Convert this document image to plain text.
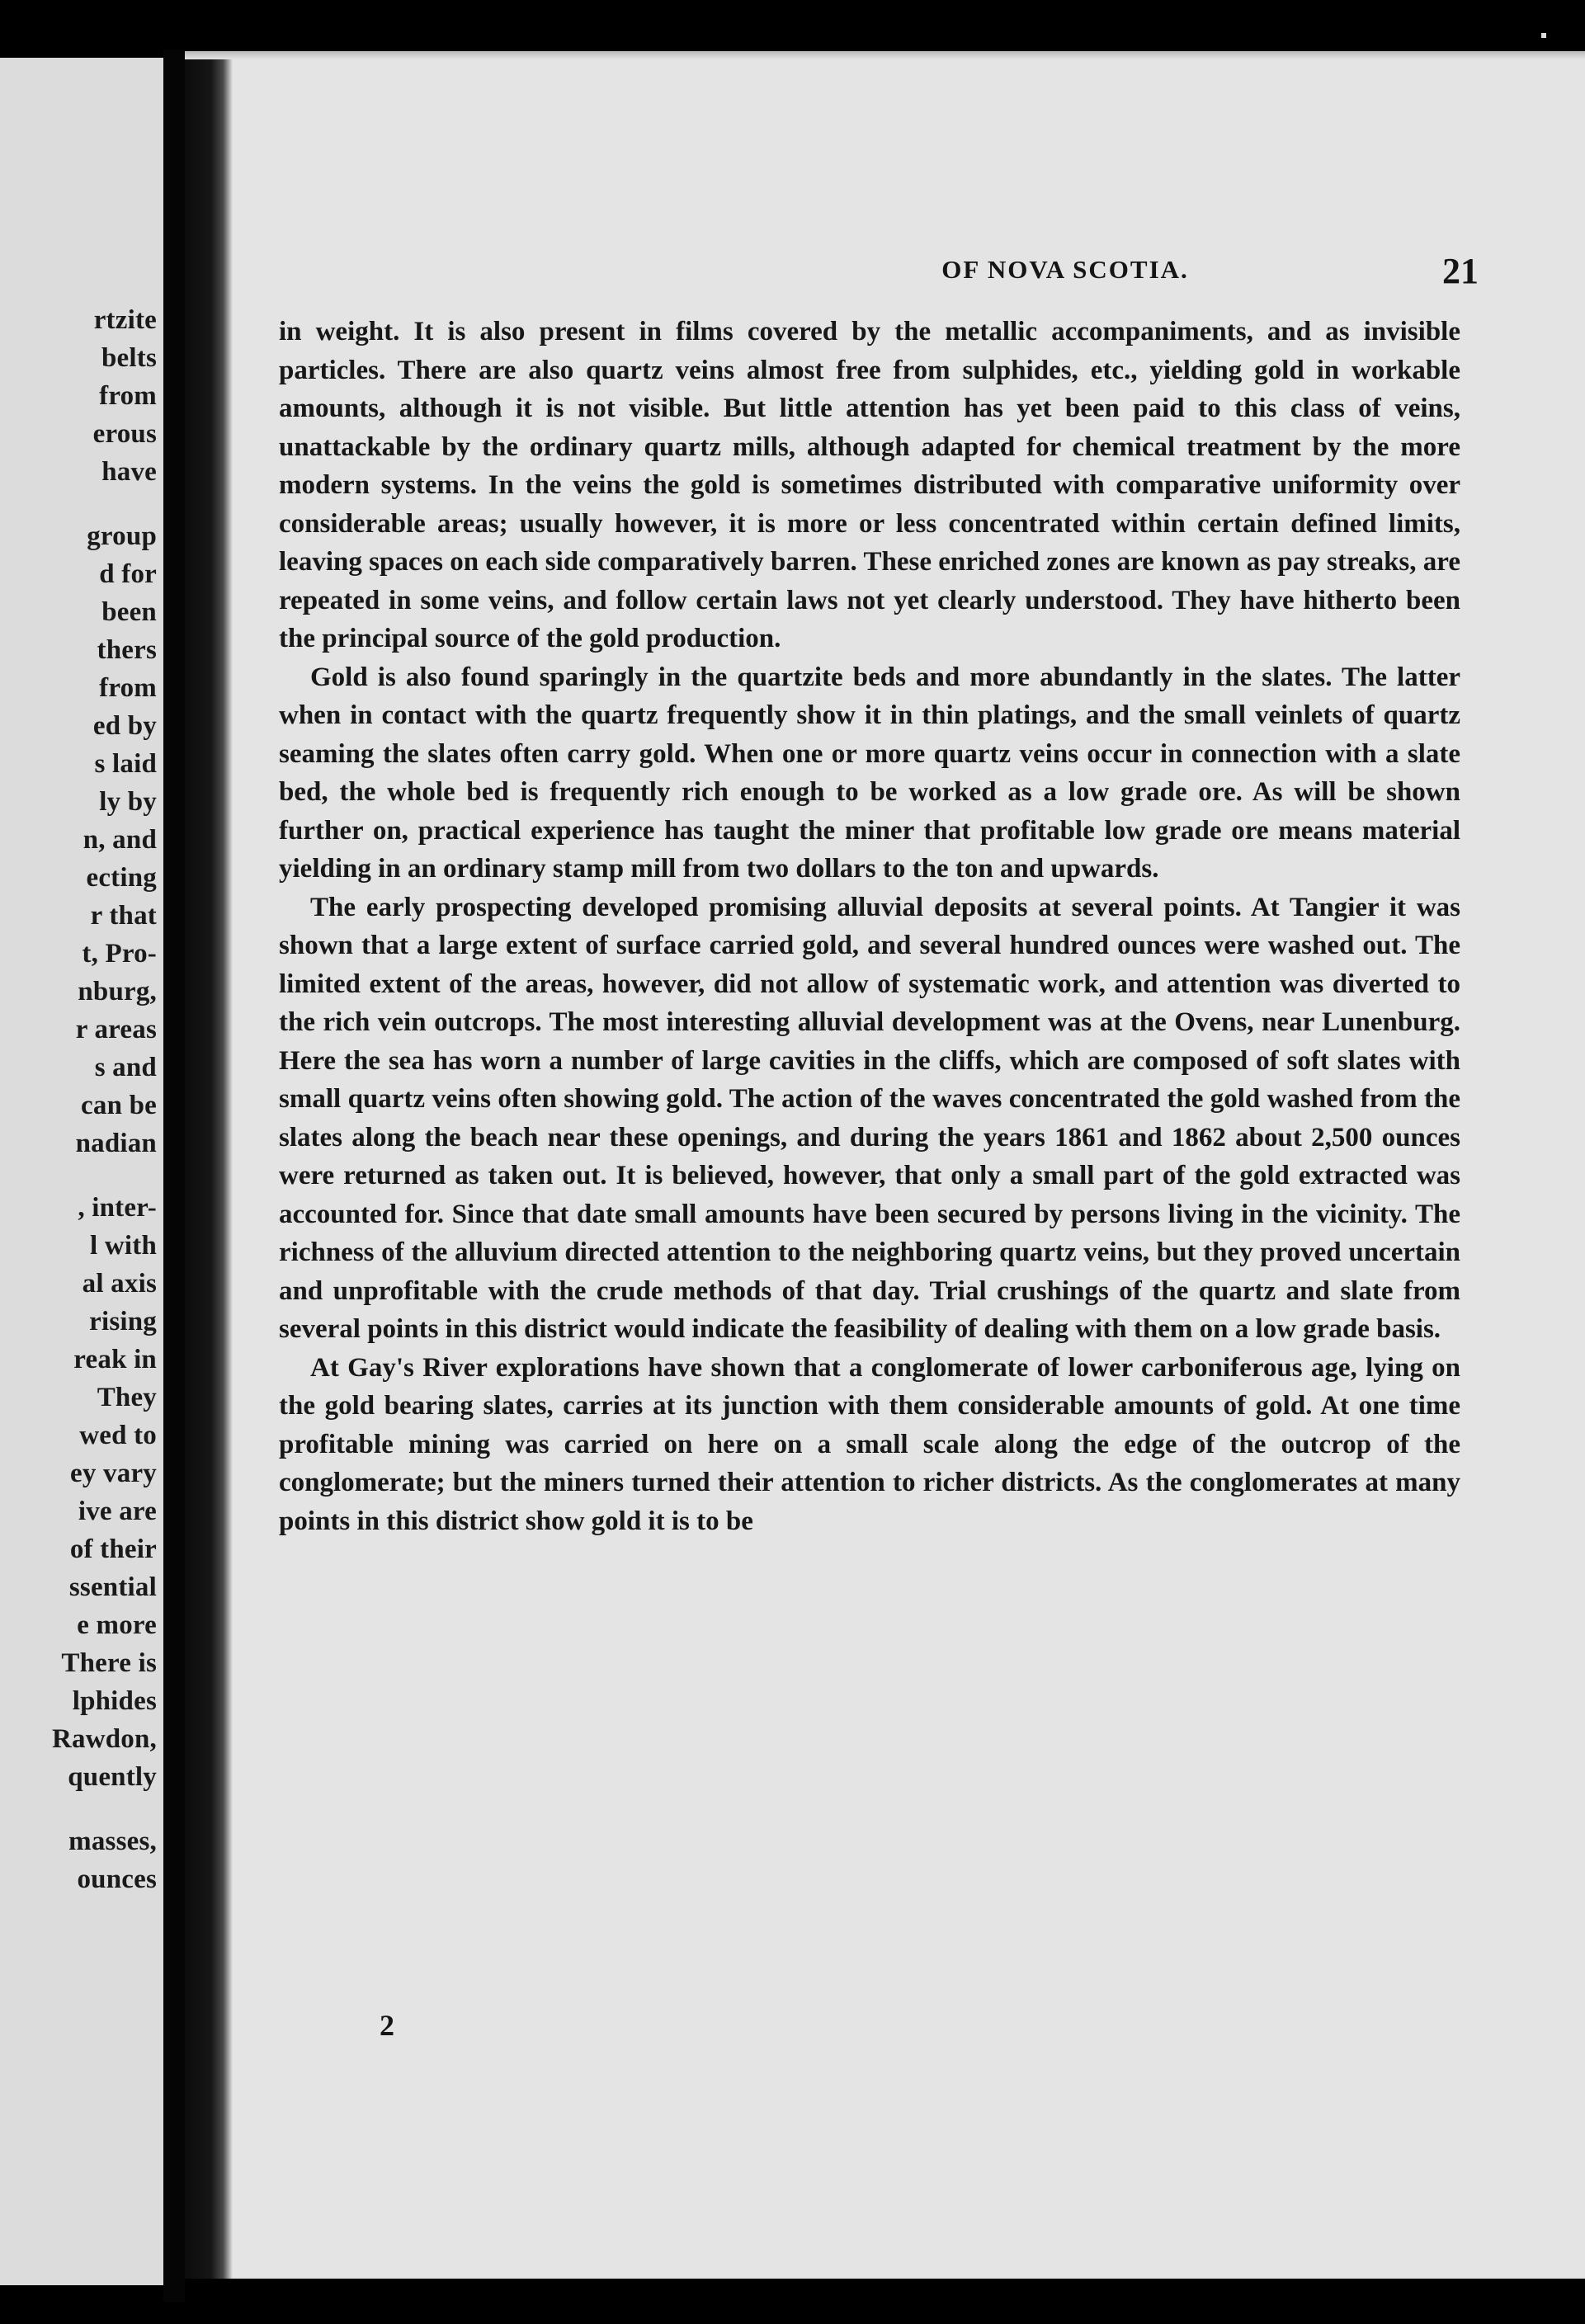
rtzite
belts
from
erous
have
group
d for
been
thers
from
ed by
s laid
ly by
n, and
ecting
r that
t, Pro-
nburg,
r areas
s and
can be
nadian
, inter-
l with
al axis
rising
reak in
They
wed to
ey vary
ive are
of their
ssential
e more
There is
lphides
Rawdon,
quently
masses,
ounces
OF NOVA SCOTIA.	21

in weight. It is also present in films covered by the metallic accompaniments, and as invisible particles. There are also quartz veins almost free from sulphides, etc., yielding gold in workable amounts, although it is not visible. But little attention has yet been paid to this class of veins, unattackable by the ordinary quartz mills, although adapted for chemical treatment by the more modern systems. In the veins the gold is sometimes distributed with comparative uniformity over considerable areas; usually however, it is more or less concentrated within certain defined limits, leaving spaces on each side comparatively barren. These enriched zones are known as pay streaks, are repeated in some veins, and follow certain laws not yet clearly understood. They have hitherto been the principal source of the gold production.

Gold is also found sparingly in the quartzite beds and more abundantly in the slates. The latter when in contact with the quartz frequently show it in thin platings, and the small veinlets of quartz seaming the slates often carry gold. When one or more quartz veins occur in connection with a slate bed, the whole bed is frequently rich enough to be worked as a low grade ore. As will be shown further on, practical experience has taught the miner that profitable low grade ore means material yielding in an ordinary stamp mill from two dollars to the ton and upwards.

The early prospecting developed promising alluvial deposits at several points. At Tangier it was shown that a large extent of surface carried gold, and several hundred ounces were washed out. The limited extent of the areas, however, did not allow of systematic work, and attention was diverted to the rich vein outcrops. The most interesting alluvial development was at the Ovens, near Lunenburg. Here the sea has worn a number of large cavities in the cliffs, which are composed of soft slates with small quartz veins often showing gold. The action of the waves concentrated the gold washed from the slates along the beach near these openings, and during the years 1861 and 1862 about 2,500 ounces were returned as taken out. It is believed, however, that only a small part of the gold extracted was accounted for. Since that date small amounts have been secured by persons living in the vicinity. The richness of the alluvium directed attention to the neighboring quartz veins, but they proved uncertain and unprofitable with the crude methods of that day. Trial crushings of the quartz and slate from several points in this district would indicate the feasibility of dealing with them on a low grade basis.

At Gay's River explorations have shown that a conglomerate of lower carboniferous age, lying on the gold bearing slates, carries at its junction with them considerable amounts of gold. At one time profitable mining was carried on here on a small scale along the edge of the outcrop of the conglomerate; but the miners turned their attention to richer districts. As the conglomerates at many points in this district show gold it is to be

2
